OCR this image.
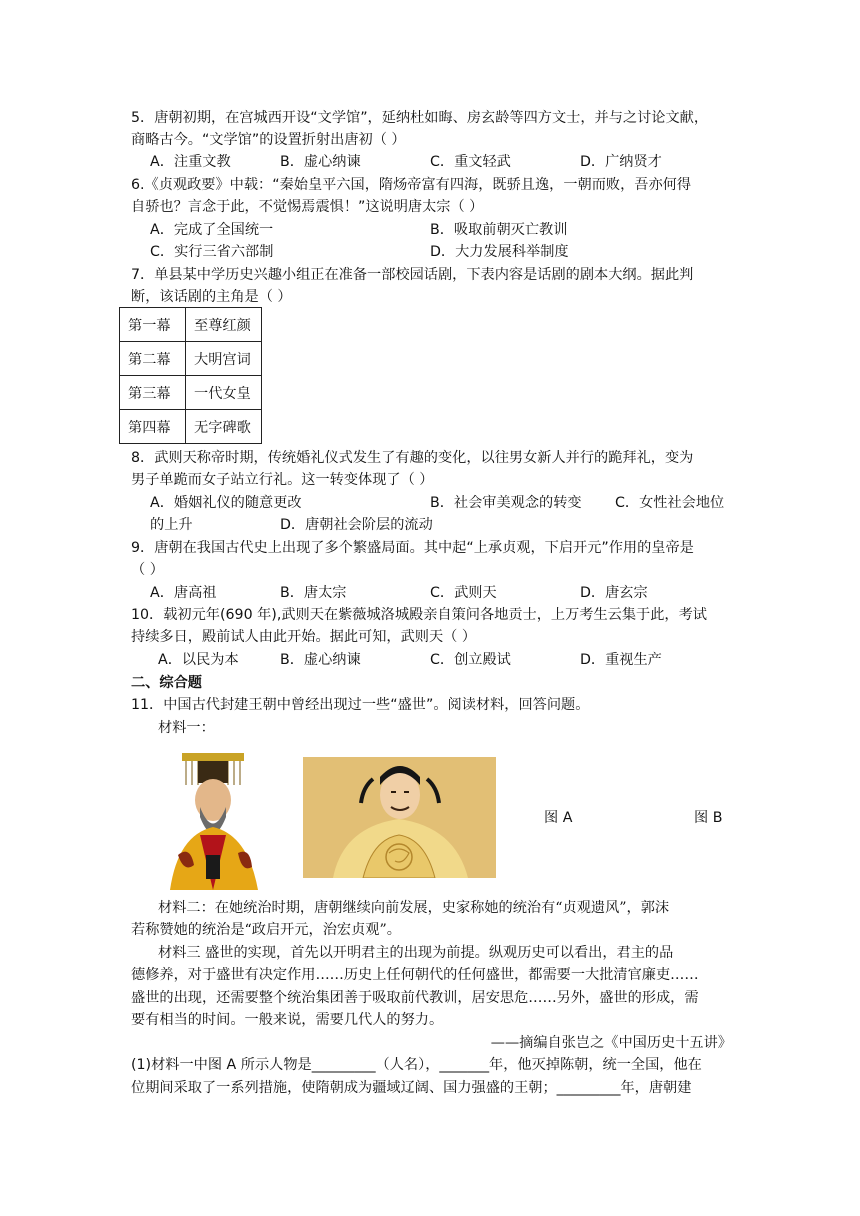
5．唐朝初期，在宫城西开设“文学馆”，延纳杜如晦、房玄龄等四方文士，并与之讨论文献，
商略古今。“文学馆”的设置折射出唐初（ ）
A．注重文教	B．虚心纳谏	C．重文轻武	D．广纳贤才
6.《贞观政要》中载：“秦始皇平六国，隋炀帝富有四海，既骄且逸，一朝而败，吾亦何得
自骄也？言念于此，不觉惕焉震惧！”这说明唐太宗（ ）
A．完成了全国统一	B．吸取前朝灭亡教训
C．实行三省六部制	D．大力发展科举制度
7．单县某中学历史兴趣小组正在准备一部校园话剧，下表内容是话剧的剧本大纲。据此判
断，该话剧的主角是（ ）
第一幕	至尊红颜
第二幕	大明宫词
第三幕	一代女皇
第四幕	无字碑歌
8．武则天称帝时期，传统婚礼仪式发生了有趣的变化，以往男女新人并行的跪拜礼，变为
男子单跪而女子站立行礼。这一转变体现了（ ）
A．婚姻礼仪的随意更改	B．社会审美观念的转变 C．女性社会地位
的上升	D．唐朝社会阶层的流动
9．唐朝在我国古代史上出现了多个繁盛局面。其中起“上承贞观，下启开元”作用的皇帝是
（ ）
A．唐高祖	B．唐太宗	C．武则天	D．唐玄宗
10．载初元年(690 年),武则天在紫薇城洛城殿亲自策问各地贡士，上万考生云集于此，考试
持续多日，殿前试人由此开始。据此可知，武则天（ ）
A．以民为本	B．虚心纳谏	C．创立殿试	D．重视生产
二、综合题
11．中国古代封建王朝中曾经出现过一些“盛世”。阅读材料，回答问题。
材料一：
图 A	图 B
材料二：在她统治时期，唐朝继续向前发展，史家称她的统治有“贞观遗风”，郭沫
若称赞她的统治是“政启开元，治宏贞观”。
材料三 盛世的实现，首先以开明君主的出现为前提。纵观历史可以看出，君主的品
德修养，对于盛世有决定作用……历史上任何朝代的任何盛世，都需要一大批清官廉吏……
盛世的出现，还需要整个统治集团善于吸取前代教训，居安思危……另外，盛世的形成，需
要有相当的时间。一般来说，需要几代人的努力。
——摘编自张岂之《中国历史十五讲》
(1)材料一中图 A 所示人物是_________（人名），_______年，他灭掉陈朝，统一全国，他在
位期间采取了一系列措施，使隋朝成为疆域辽阔、国力强盛的王朝；_________年，唐朝建
